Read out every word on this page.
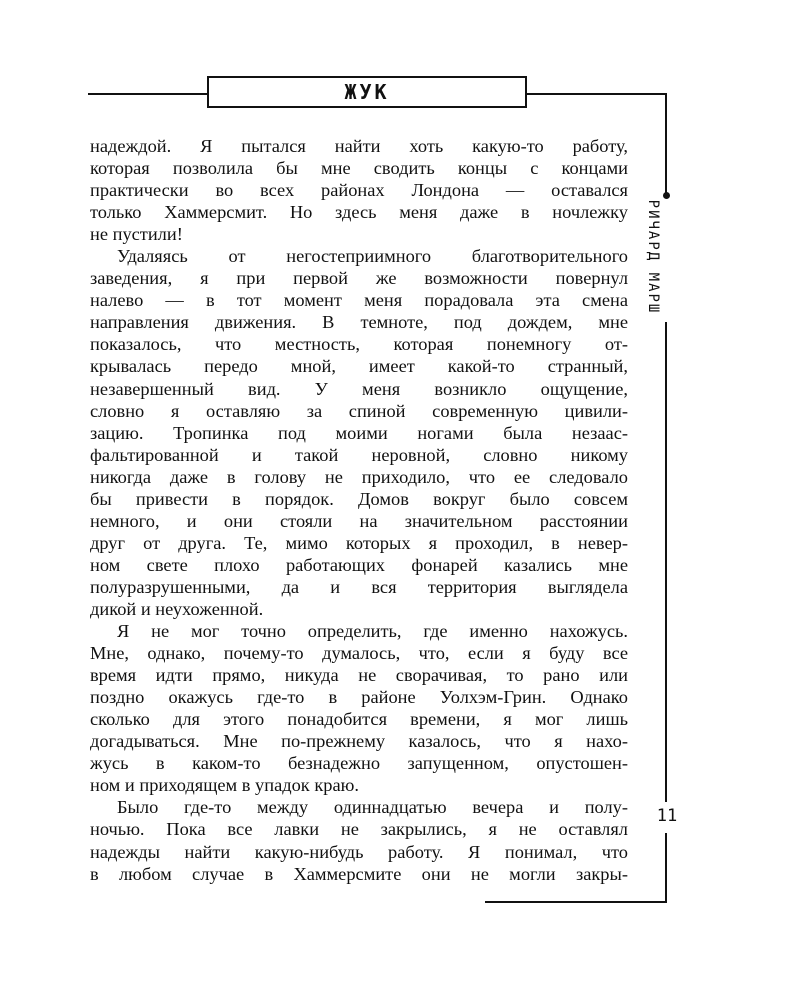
ЖУК
РИЧАРД МАРШ
11

надеждой. Я пытался найти хоть какую-то работу,
которая позволила бы мне сводить концы с концами
практически во всех районах Лондона — оставался
только Хаммерсмит. Но здесь меня даже в ночлежку
не пустили!

Удаляясь от негостеприимного благотворительного
заведения, я при первой же возможности повернул
налево — в тот момент меня порадовала эта смена
направления движения. В темноте, под дождем, мне
показалось, что местность, которая понемногу от-
крывалась передо мной, имеет какой-то странный,
незавершенный вид. У меня возникло ощущение,
словно я оставляю за спиной современную цивили-
зацию. Тропинка под моими ногами была незаас-
фальтированной и такой неровной, словно никому
никогда даже в голову не приходило, что ее следовало
бы привести в порядок. Домов вокруг было совсем
немного, и они стояли на значительном расстоянии
друг от друга. Те, мимо которых я проходил, в невер-
ном свете плохо работающих фонарей казались мне
полуразрушенными, да и вся территория выглядела
дикой и неухоженной.

Я не мог точно определить, где именно нахожусь.
Мне, однако, почему-то думалось, что, если я буду все
время идти прямо, никуда не сворачивая, то рано или
поздно окажусь где-то в районе Уолхэм-Грин. Однако
сколько для этого понадобится времени, я мог лишь
догадываться. Мне по-прежнему казалось, что я нахо-
жусь в каком-то безнадежно запущенном, опустошен-
ном и приходящем в упадок краю.

Было где-то между одиннадцатью вечера и полу-
ночью. Пока все лавки не закрылись, я не оставлял
надежды найти какую-нибудь работу. Я понимал, что
в любом случае в Хаммерсмите они не могли закры-
